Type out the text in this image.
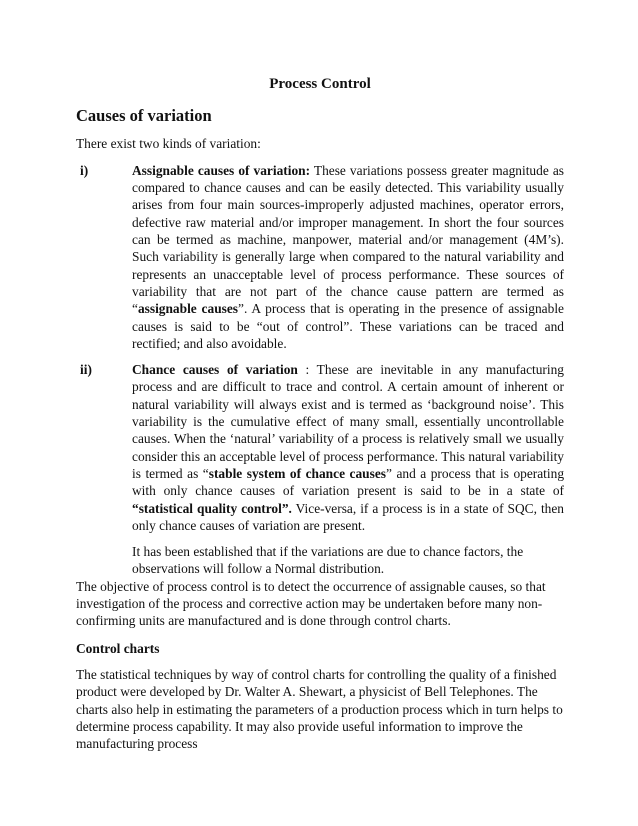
Process Control
Causes of variation
There exist two kinds of variation:
i)	Assignable causes of variation: These variations possess greater magnitude as compared to chance causes and can be easily detected. This variability usually arises from four main sources-improperly adjusted machines, operator errors, defective raw material and/or improper management. In short the four sources can be termed as machine, manpower, material and/or management (4M’s). Such variability is generally large when compared to the natural variability and represents an unacceptable level of process performance. These sources of variability that are not part of the chance cause pattern are termed as “assignable causes”. A process that is operating in the presence of assignable causes is said to be “out of control”. These variations can be traced and rectified; and also avoidable.
ii)	Chance causes of variation : These are inevitable in any manufacturing process and are difficult to trace and control. A certain amount of inherent or natural variability will always exist and is termed as ‘background noise’. This variability is the cumulative effect of many small, essentially uncontrollable causes. When the ‘natural’ variability of a process is relatively small we usually consider this an acceptable level of process performance. This natural variability is termed as “stable system of chance causes” and a process that is operating with only chance causes of variation present is said to be in a state of “statistical quality control”. Vice-versa, if a process is in a state of SQC, then only chance causes of variation are present.
It has been established that if the variations are due to chance factors, the observations will follow a Normal distribution.
The objective of process control is to detect the occurrence of assignable causes, so that investigation of the process and corrective action may be undertaken before many non-confirming units are manufactured and is done through control charts.
Control charts
The statistical techniques by way of control charts for controlling the quality of a finished product were developed by Dr. Walter A. Shewart, a physicist of Bell Telephones. The charts also help in estimating the parameters of a production process which in turn helps to determine process capability. It may also provide useful information to improve the manufacturing process
